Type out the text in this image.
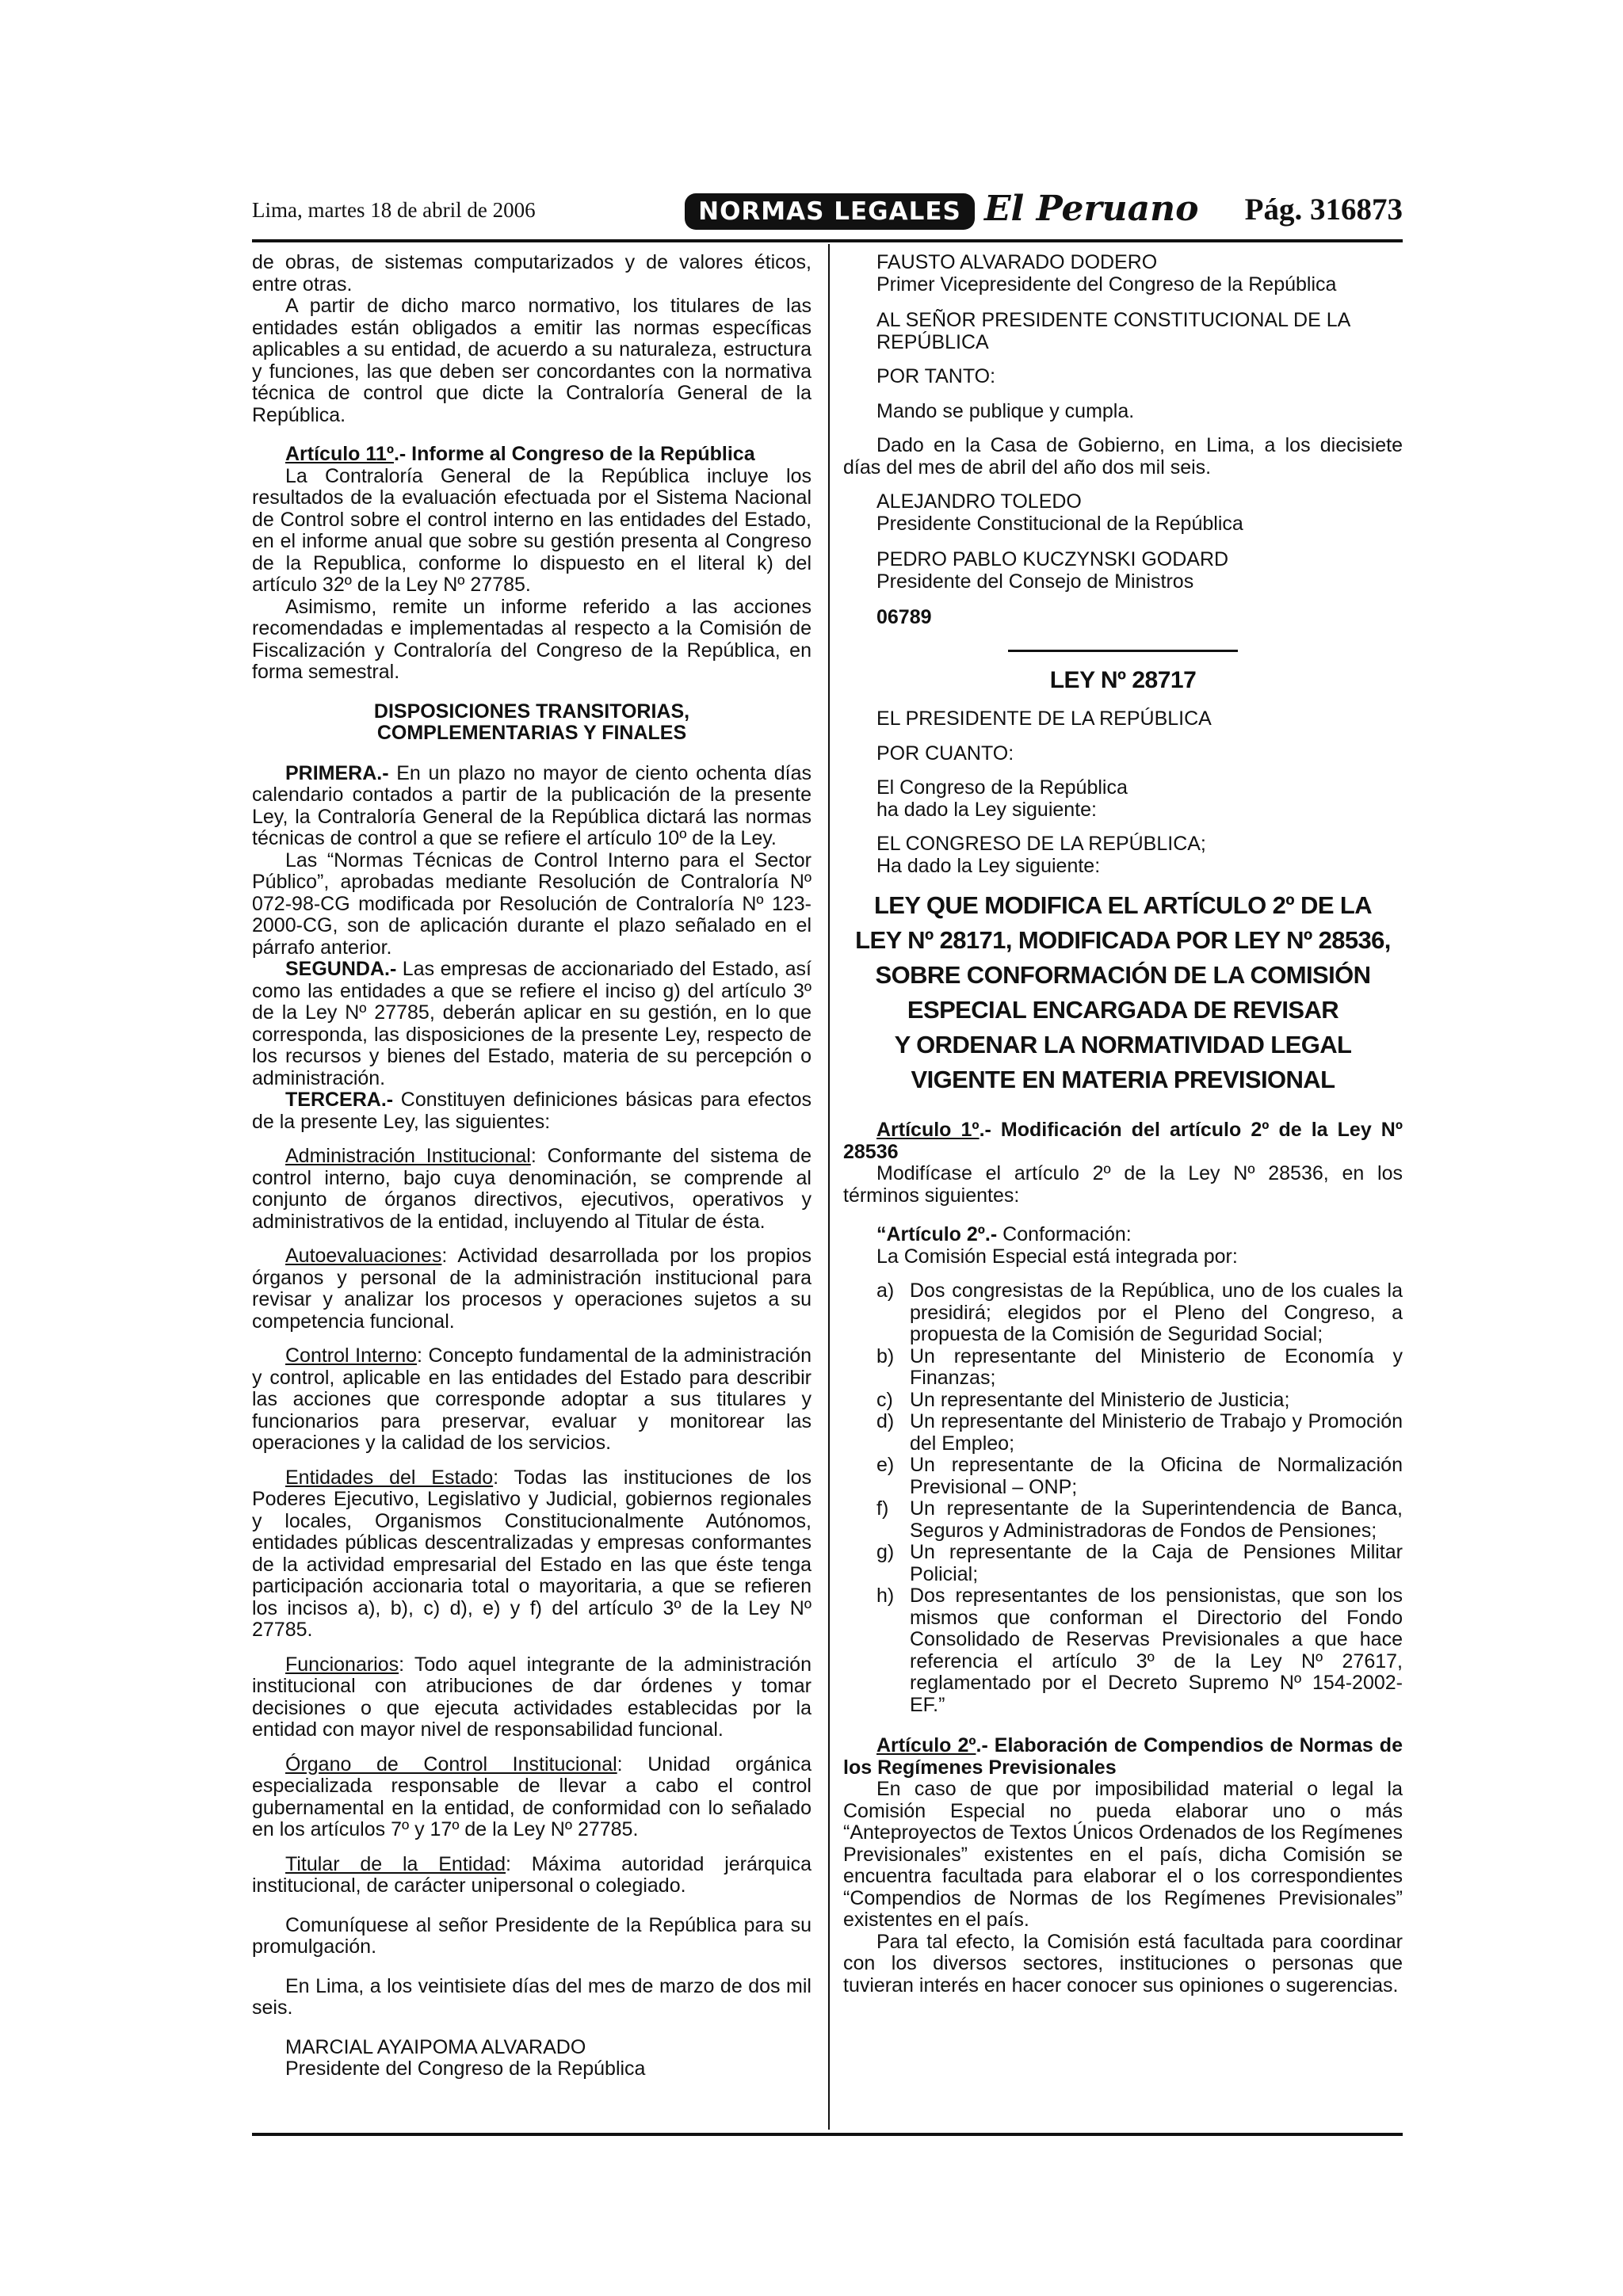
Lima, martes 18 de abril de 2006	NORMAS LEGALES El Peruano Pág. 316873

de obras, de sistemas computarizados y de valores éticos, entre otras.

A partir de dicho marco normativo, los titulares de las entidades están obligados a emitir las normas específicas aplicables a su entidad, de acuerdo a su naturaleza, estructura y funciones, las que deben ser concordantes con la normativa técnica de control que dicte la Contraloría General de la República.

Artículo 11º.- Informe al Congreso de la República

La Contraloría General de la República incluye los resultados de la evaluación efectuada por el Sistema Nacional de Control sobre el control interno en las entidades del Estado, en el informe anual que sobre su gestión presenta al Congreso de la Republica, conforme lo dispuesto en el literal k) del artículo 32º de la Ley Nº 27785.

Asimismo, remite un informe referido a las acciones recomendadas e implementadas al respecto a la Comisión de Fiscalización y Contraloría del Congreso de la República, en forma semestral.

DISPOSICIONES TRANSITORIAS,
COMPLEMENTARIAS Y FINALES

PRIMERA.- En un plazo no mayor de ciento ochenta días calendario contados a partir de la publicación de la presente Ley, la Contraloría General de la República dictará las normas técnicas de control a que se refiere el artículo 10º de la Ley.

Las “Normas Técnicas de Control Interno para el Sector Público”, aprobadas mediante Resolución de Contraloría Nº 072-98-CG modificada por Resolución de Contraloría Nº 123-2000-CG, son de aplicación durante el plazo señalado en el párrafo anterior.

SEGUNDA.- Las empresas de accionariado del Estado, así como las entidades a que se refiere el inciso g) del artículo 3º de la Ley Nº 27785, deberán aplicar en su gestión, en lo que corresponda, las disposiciones de la presente Ley, respecto de los recursos y bienes del Estado, materia de su percepción o administración.

TERCERA.- Constituyen definiciones básicas para efectos de la presente Ley, las siguientes:

Administración Institucional: Conformante del sistema de control interno, bajo cuya denominación, se comprende al conjunto de órganos directivos, ejecutivos, operativos y administrativos de la entidad, incluyendo al Titular de ésta.

Autoevaluaciones: Actividad desarrollada por los propios órganos y personal de la administración institucional para revisar y analizar los procesos y operaciones sujetos a su competencia funcional.

Control Interno: Concepto fundamental de la administración y control, aplicable en las entidades del Estado para describir las acciones que corresponde adoptar a sus titulares y funcionarios para preservar, evaluar y monitorear las operaciones y la calidad de los servicios.

Entidades del Estado: Todas las instituciones de los Poderes Ejecutivo, Legislativo y Judicial, gobiernos regionales y locales, Organismos Constitucionalmente Autónomos, entidades públicas descentralizadas y empresas conformantes de la actividad empresarial del Estado en las que éste tenga participación accionaria total o mayoritaria, a que se refieren los incisos a), b), c) d), e) y f) del artículo 3º de la Ley Nº 27785.

Funcionarios: Todo aquel integrante de la administración institucional con atribuciones de dar órdenes y tomar decisiones o que ejecuta actividades establecidas por la entidad con mayor nivel de responsabilidad funcional.

Órgano de Control Institucional: Unidad orgánica especializada responsable de llevar a cabo el control gubernamental en la entidad, de conformidad con lo señalado en los artículos 7º y 17º de la Ley Nº 27785.

Titular de la Entidad: Máxima autoridad jerárquica institucional, de carácter unipersonal o colegiado.

Comuníquese al señor Presidente de la República para su promulgación.

En Lima, a los veintisiete días del mes de marzo de dos mil seis.

MARCIAL AYAIPOMA ALVARADO
Presidente del Congreso de la República
FAUSTO ALVARADO DODERO
Primer Vicepresidente del Congreso de la República

AL SEÑOR PRESIDENTE CONSTITUCIONAL DE LA REPÚBLICA

POR TANTO:

Mando se publique y cumpla.

Dado en la Casa de Gobierno, en Lima, a los diecisiete días del mes de abril del año dos mil seis.

ALEJANDRO TOLEDO
Presidente Constitucional de la República
PEDRO PABLO KUCZYNSKI GODARD
Presidente del Consejo de Ministros

06789

LEY Nº 28717

EL PRESIDENTE DE LA REPÚBLICA

POR CUANTO:

El Congreso de la República
ha dado la Ley siguiente:
EL CONGRESO DE LA REPÚBLICA;
Ha dado la Ley siguiente:
LEY QUE MODIFICA EL ARTÍCULO 2º DE LA
LEY Nº 28171, MODIFICADA POR LEY Nº 28536,
SOBRE CONFORMACIÓN DE LA COMISIÓN
ESPECIAL ENCARGADA DE REVISAR
Y ORDENAR LA NORMATIVIDAD LEGAL
VIGENTE EN MATERIA PREVISIONAL

Artículo 1º.- Modificación del artículo 2º de la Ley Nº 28536

Modifícase el artículo 2º de la Ley Nº 28536, en los términos siguientes:

“Artículo 2º.- Conformación:

La Comisión Especial está integrada por:

a) Dos congresistas de la República, uno de los cuales la presidirá; elegidos por el Pleno del Congreso, a propuesta de la Comisión de Seguridad Social;
b) Un representante del Ministerio de Economía y Finanzas;
c) Un representante del Ministerio de Justicia;
d) Un representante del Ministerio de Trabajo y Promoción del Empleo;
e) Un representante de la Oficina de Normalización Previsional – ONP;
f) Un representante de la Superintendencia de Banca, Seguros y Administradoras de Fondos de Pensiones;
g) Un representante de la Caja de Pensiones Militar Policial;
h) Dos representantes de los pensionistas, que son los mismos que conforman el Directorio del Fondo Consolidado de Reservas Previsionales a que hace referencia el artículo 3º de la Ley Nº 27617, reglamentado por el Decreto Supremo Nº 154-2002-EF.”

Artículo 2º.- Elaboración de Compendios de Normas de los Regímenes Previsionales

En caso de que por imposibilidad material o legal la Comisión Especial no pueda elaborar uno o más “Anteproyectos de Textos Únicos Ordenados de los Regímenes Previsionales” existentes en el país, dicha Comisión se encuentra facultada para elaborar el o los correspondientes “Compendios de Normas de los Regímenes Previsionales” existentes en el país.

Para tal efecto, la Comisión está facultada para coordinar con los diversos sectores, instituciones o personas que tuvieran interés en hacer conocer sus opiniones o sugerencias.
